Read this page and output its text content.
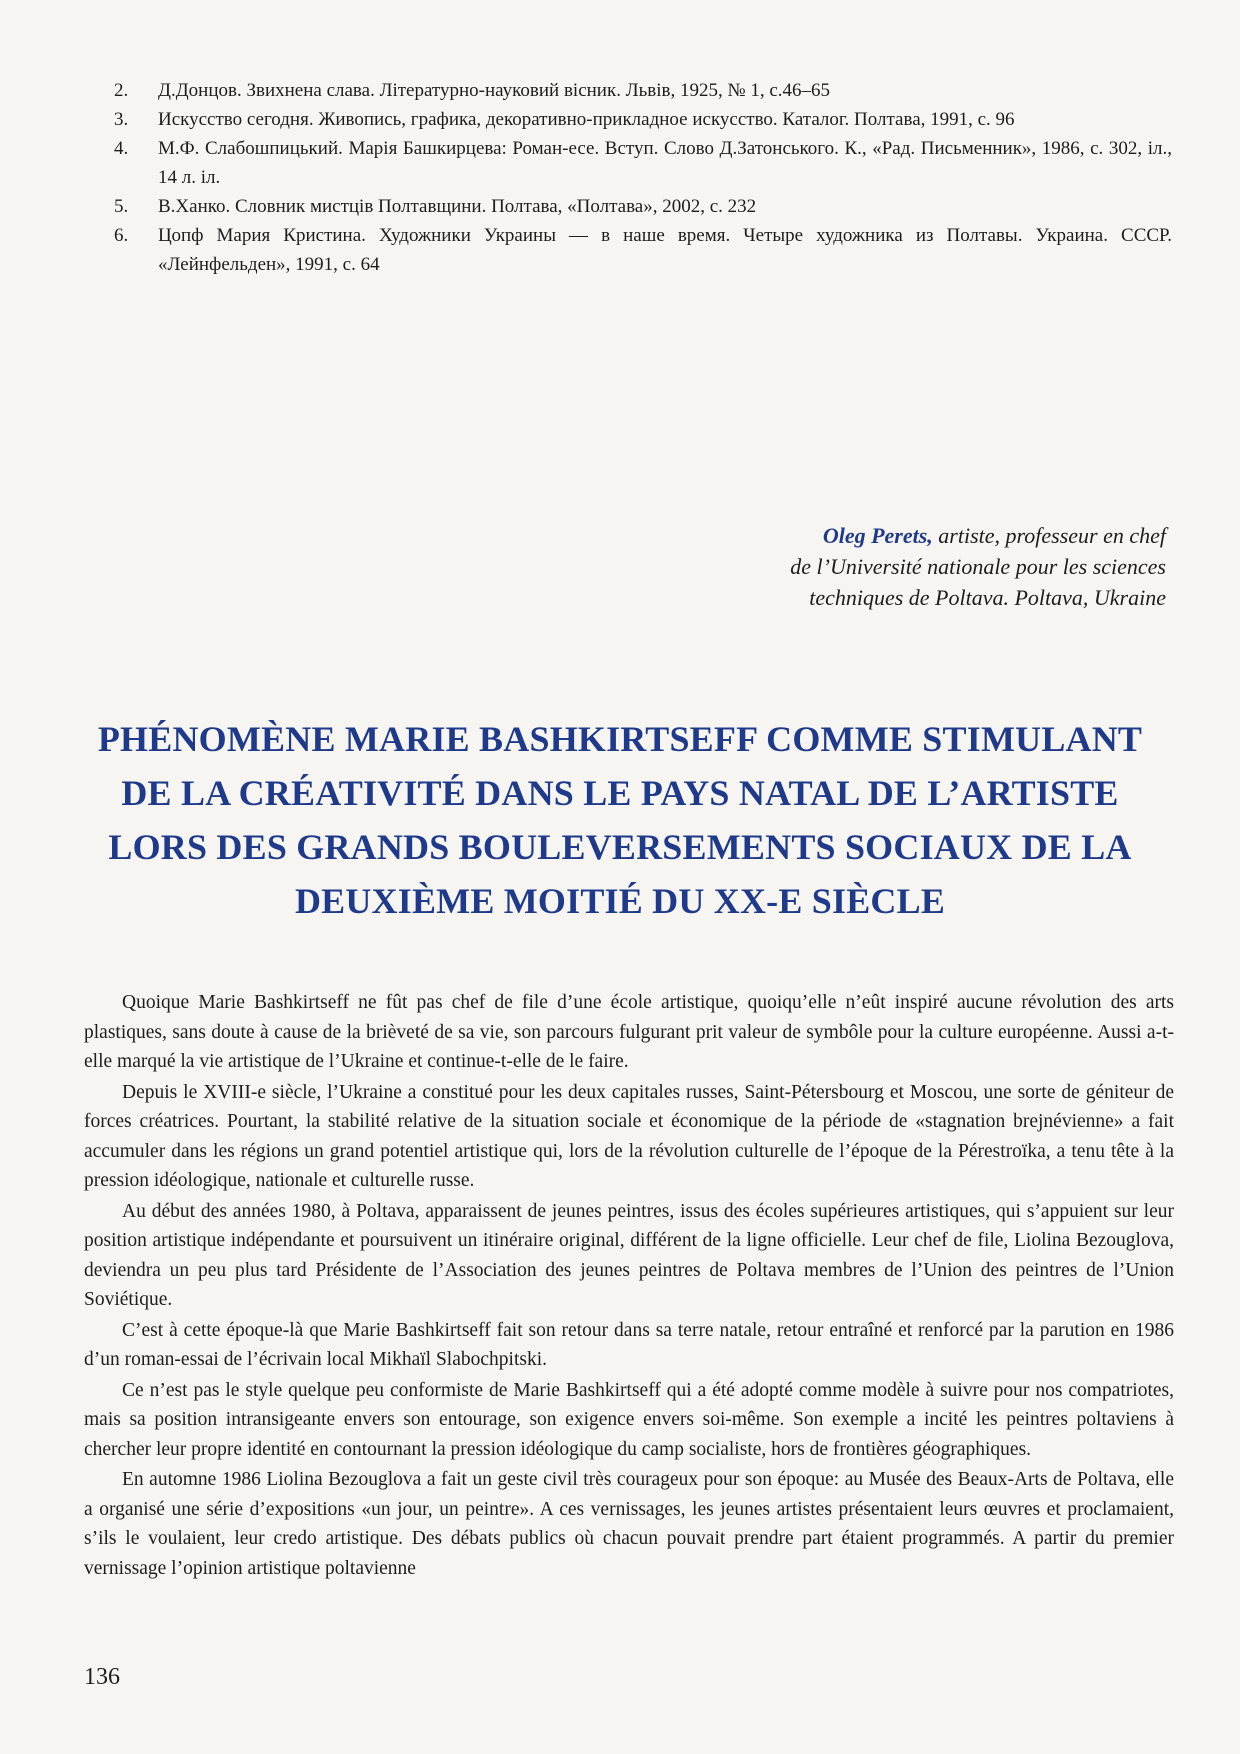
2.	Д.Донцов. Звихнена слава. Літературно-науковий вісник. Львів, 1925, № 1, с.46–65

3.	Искусство сегодня. Живопись, графика, декоративно-прикладное искусство. Каталог. Полтава, 1991, с. 96

4.	М.Ф. Слабошпицький. Марія Башкирцева: Роман-есе. Вступ. Слово Д.Затонського. К., «Рад. Письменник», 1986, с. 302, іл., 14 л. іл.

5.	В.Ханко. Словник мистців Полтавщини. Полтава, «Полтава», 2002, с. 232

6.	Цопф Мария Кристина. Художники Украины — в наше время. Четыре художника из Полтавы. Украина. СССР. «Лейнфельден», 1991, с. 64

Oleg Perets, artiste, professeur en chef
de l’Université nationale pour les sciences
techniques de Poltava. Poltava, Ukraine
PHÉNOMÈNE MARIE BASHKIRTSEFF COMME STIMULANT
DE LA CRÉATIVITÉ DANS LE PAYS NATAL DE L’ARTISTE
LORS DES GRANDS BOULEVERSEMENTS SOCIAUX DE LA
DEUXIÈME MOITIÉ DU XX-E SIÈCLE

Quoique Marie Bashkirtseff ne fût pas chef de file d’une école artistique, quoiqu’elle n’eût inspiré aucune révolution des arts plastiques, sans doute à cause de la brièveté de sa vie, son parcours fulgurant prit valeur de symbôle pour la culture européenne. Aussi a-t-elle marqué la vie artistique de l’Ukraine et continue-t-elle de le faire.

Depuis le XVIII-e siècle, l’Ukraine a constitué pour les deux capitales russes, Saint-Pétersbourg et Moscou, une sorte de géniteur de forces créatrices. Pourtant, la stabilité relative de la situation sociale et économique de la période de «stagnation brejnévienne» a fait accumuler dans les régions un grand potentiel artistique qui, lors de la révolution culturelle de l’époque de la Pérestroïka, a tenu tête à la pression idéologique, nationale et culturelle russe.

Au début des années 1980, à Poltava, apparaissent de jeunes peintres, issus des écoles supérieures artistiques, qui s’appuient sur leur position artistique indépendante et poursuivent un itinéraire original, différent de la ligne officielle. Leur chef de file, Liolina Bezouglova, deviendra un peu plus tard Présidente de l’Association des jeunes peintres de Poltava membres de l’Union des peintres de l’Union Soviétique.

C’est à cette époque-là que Marie Bashkirtseff fait son retour dans sa terre natale, retour entraîné et renforcé par la parution en 1986 d’un roman-essai de l’écrivain local Mikhaïl Slabochpitski.

Ce n’est pas le style quelque peu conformiste de Marie Bashkirtseff qui a été adopté comme modèle à suivre pour nos compatriotes, mais sa position intransigeante envers son entourage, son exigence envers soi-même. Son exemple a incité les peintres poltaviens à chercher leur propre identité en contournant la pression idéologique du camp socialiste, hors de frontières géographiques.

En automne 1986 Liolina Bezouglova a fait un geste civil très courageux pour son époque: au Musée des Beaux-Arts de Poltava, elle a organisé une série d’expositions «un jour, un peintre». A ces vernissages, les jeunes artistes présentaient leurs œuvres et proclamaient, s’ils le voulaient, leur credo artistique. Des débats publics où chacun pouvait prendre part étaient programmés. A partir du premier vernissage l’opinion artistique poltavienne

136
